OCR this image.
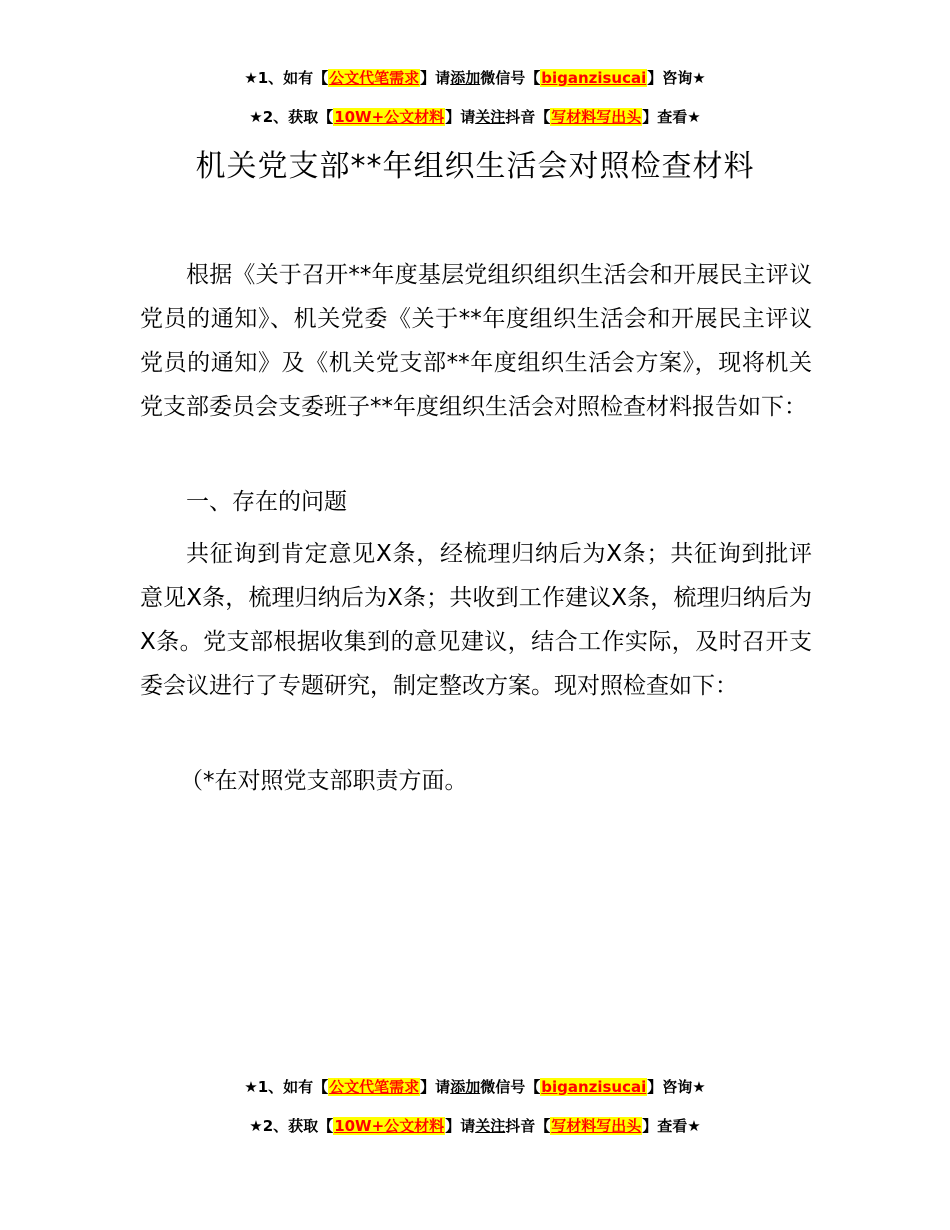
★1、如有【公文代笔需求】请添加微信号【biganzisucai】咨询★
★2、获取【10W+公文材料】请关注抖音【写材料写出头】查看★
机关党支部**年组织生活会对照检查材料

根据《关于召开**年度基层党组织组织生活会和开展民主评议党员的通知》、机关党委《关于**年度组织生活会和开展民主评议党员的通知》及《机关党支部**年度组织生活会方案》，现将机关党支部委员会支委班子**年度组织生活会对照检查材料报告如下：

一、存在的问题

共征询到肯定意见X条，经梳理归纳后为X条；共征询到批评意见X条，梳理归纳后为X条；共收到工作建议X条，梳理归纳后为X条。党支部根据收集到的意见建议，结合工作实际，及时召开支委会议进行了专题研究，制定整改方案。现对照检查如下：

（*在对照党支部职责方面。

★1、如有【公文代笔需求】请添加微信号【biganzisucai】咨询★
★2、获取【10W+公文材料】请关注抖音【写材料写出头】查看★
